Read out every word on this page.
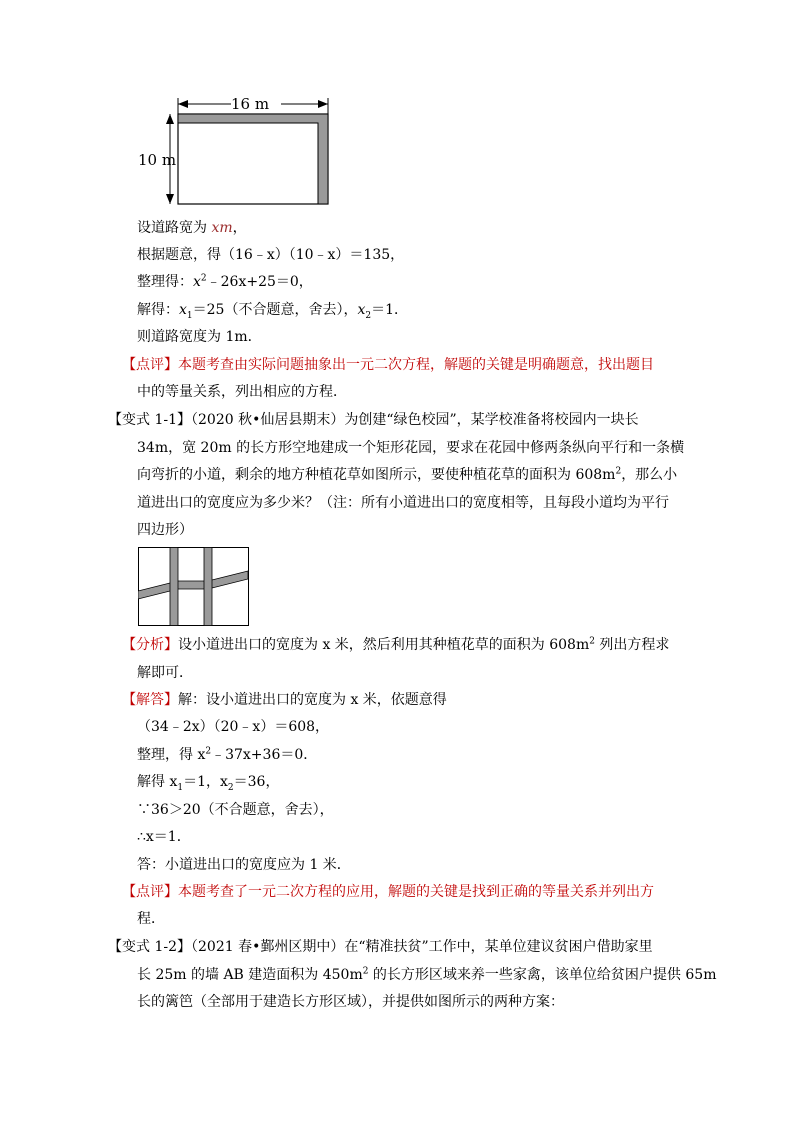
16 m
10 m
设道路宽为 xm，
根据题意，得（16﹣x）（10﹣x）＝135，
整理得：$x^2﹣26x+25=0$，
解得：$x_1=25$（不合题意，舍去），$x_2=1$．
则道路宽度为 1m．
【点评】本题考查由实际问题抽象出一元二次方程，解题的关键是明确题意，找出题目
中的等量关系，列出相应的方程．
【变式 1-1】（2020 秋•仙居县期末）为创建“绿色校园”，某学校准备将校园内一块长
34m，宽 20m 的长方形空地建成一个矩形花园，要求在花园中修两条纵向平行和一条横
向弯折的小道，剩余的地方种植花草如图所示，要使种植花草的面积为 $608m^2$，那么小
道进出口的宽度应为多少米？（注：所有小道进出口的宽度相等，且每段小道均为平行
四边形）
【分析】设小道进出口的宽度为 x 米，然后利用其种植花草的面积为 $608m^2$ 列出方程求
解即可．
【解答】解：设小道进出口的宽度为 x 米，依题意得
（34﹣2x）（20﹣x）＝608，
整理，得 $x^2﹣37x+36=0$．
解得 $x_1=1$，$x_2=36$，
∵36＞20（不合题意，舍去），
∴x＝1．
答：小道进出口的宽度应为 1 米．
【点评】本题考查了一元二次方程的应用，解题的关键是找到正确的等量关系并列出方
程．
【变式 1-2】（2021 春•鄞州区期中）在“精准扶贫”工作中，某单位建议贫困户借助家里
长 25m 的墙 AB 建造面积为 $450m^2$ 的长方形区域来养一些家禽，该单位给贫困户提供 65m
长的篱笆（全部用于建造长方形区域），并提供如图所示的两种方案：
